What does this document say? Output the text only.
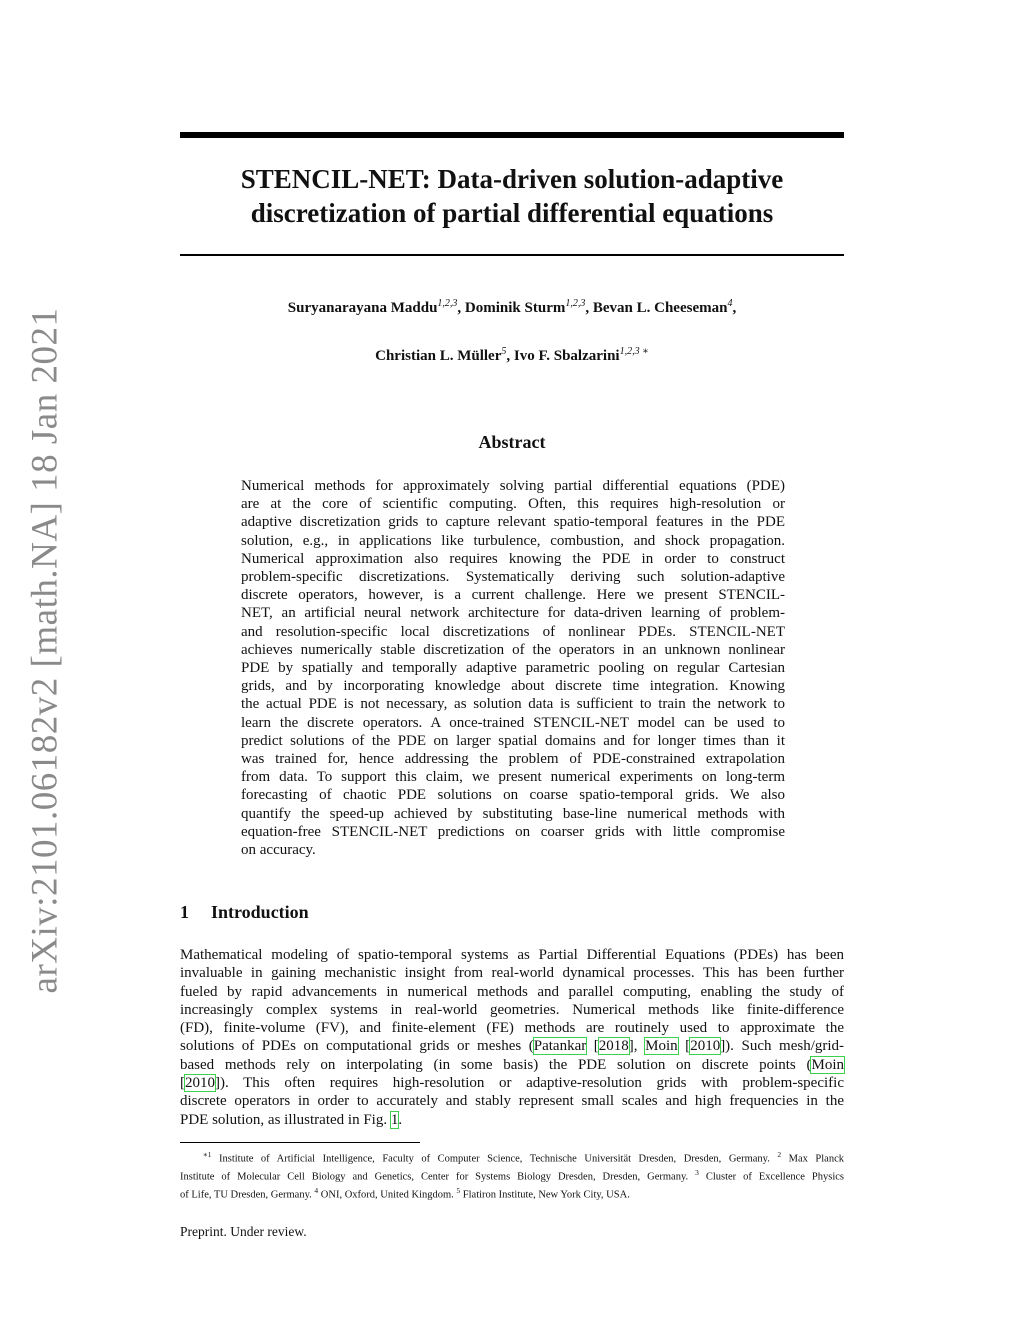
arXiv:2101.06182v2 [math.NA] 18 Jan 2021
STENCIL-NET: Data-driven solution-adaptive
discretization of partial differential equations
Suryanarayana Maddu$^{1,2,3}$, Dominik Sturm$^{1,2,3}$, Bevan L. Cheeseman$^4$,
Christian L. Müller$^5$, Ivo F. Sbalzarini$^{1,2,3 ∗}$
Abstract
Numerical methods for approximately solving partial differential equations (PDE)
are at the core of scientific computing. Often, this requires high-resolution or
adaptive discretization grids to capture relevant spatio-temporal features in the PDE
solution, e.g., in applications like turbulence, combustion, and shock propagation.
Numerical approximation also requires knowing the PDE in order to construct
problem-specific discretizations. Systematically deriving such solution-adaptive
discrete operators, however, is a current challenge. Here we present STENCIL-
NET, an artificial neural network architecture for data-driven learning of problem-
and resolution-specific local discretizations of nonlinear PDEs. STENCIL-NET
achieves numerically stable discretization of the operators in an unknown nonlinear
PDE by spatially and temporally adaptive parametric pooling on regular Cartesian
grids, and by incorporating knowledge about discrete time integration. Knowing
the actual PDE is not necessary, as solution data is sufficient to train the network to
learn the discrete operators. A once-trained STENCIL-NET model can be used to
predict solutions of the PDE on larger spatial domains and for longer times than it
was trained for, hence addressing the problem of PDE-constrained extrapolation
from data. To support this claim, we present numerical experiments on long-term
forecasting of chaotic PDE solutions on coarse spatio-temporal grids. We also
quantify the speed-up achieved by substituting base-line numerical methods with
equation-free STENCIL-NET predictions on coarser grids with little compromise
on accuracy.
1 Introduction
Mathematical modeling of spatio-temporal systems as Partial Differential Equations (PDEs) has been
invaluable in gaining mechanistic insight from real-world dynamical processes. This has been further
fueled by rapid advancements in numerical methods and parallel computing, enabling the study of
increasingly complex systems in real-world geometries. Numerical methods like finite-difference
(FD), finite-volume (FV), and finite-element (FE) methods are routinely used to approximate the
solutions of PDEs on computational grids or meshes (Patankar [2018], Moin [2010]). Such mesh/grid-
based methods rely on interpolating (in some basis) the PDE solution on discrete points (Moin
[2010]). This often requires high-resolution or adaptive-resolution grids with problem-specific
discrete operators in order to accurately and stably represent small scales and high frequencies in the
PDE solution, as illustrated in Fig. 1.
$^{∗1}$ Institute of Artificial Intelligence, Faculty of Computer Science, Technische Universität Dresden, Dresden, Germany. $^2$ Max Planck
Institute of Molecular Cell Biology and Genetics, Center for Systems Biology Dresden, Dresden, Germany. $^3$ Cluster of Excellence Physics
of Life, TU Dresden, Germany. $^4$ ONI, Oxford, United Kingdom. $^5$ Flatiron Institute, New York City, USA.
Preprint. Under review.
